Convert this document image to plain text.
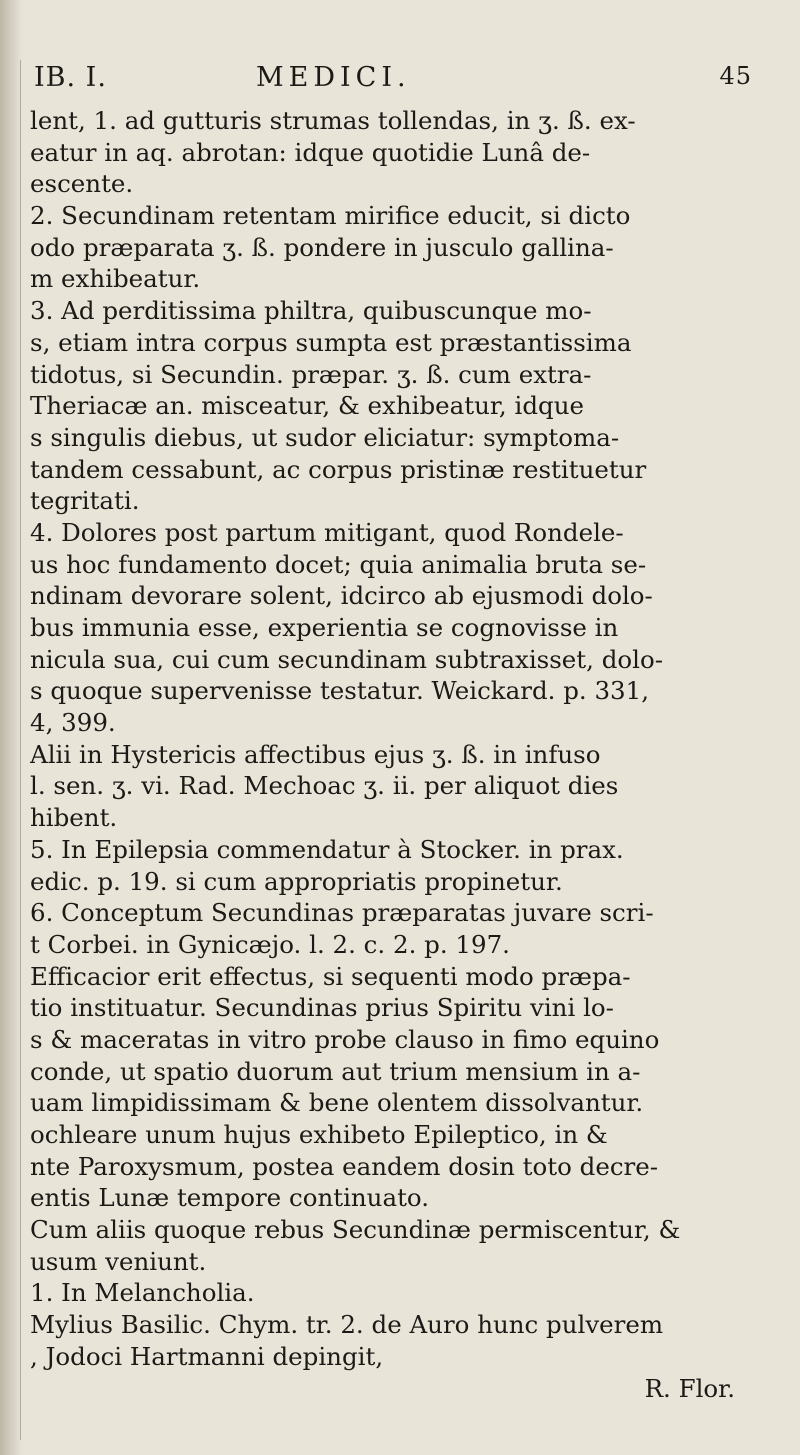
IB. I.	MEDICI.	45
lent, 1. ad gutturis strumas tollendas, in ʒ. ß. ex-
eatur in aq. abrotan: idque quotidie Lunâ de-
escente.
2. Secundinam retentam mirifice educit, si dicto
odo præparata ʒ. ß. pondere in jusculo gallina-
m exhibeatur.
3. Ad perditissima philtra, quibuscunque mo-
s, etiam intra corpus sumpta est præstantissima
tidotus, si Secundin. præpar. ʒ. ß. cum extra-
Theriacæ an. misceatur, & exhibeatur, idque
s singulis diebus, ut sudor eliciatur: symptoma-
tandem cessabunt, ac corpus pristinæ restituetur
tegritati.
4. Dolores post partum mitigant, quod Rondele-
us hoc fundamento docet; quia animalia bruta se-
ndinam devorare solent, idcirco ab ejusmodi dolo-
bus immunia esse, experientia se cognovisse in
nicula sua, cui cum secundinam subtraxisset, dolo-
s quoque supervenisse testatur. Weickard. p. 331,
4, 399.
Alii in Hystericis affectibus ejus ʒ. ß. in infuso
l. sen. ʒ. vi. Rad. Mechoac ʒ. ii. per aliquot dies
hibent.
5. In Epilepsia commendatur à Stocker. in prax.
edic. p. 19. si cum appropriatis propinetur.
6. Conceptum Secundinas præparatas juvare scri-
t Corbei. in Gynicæjo. l. 2. c. 2. p. 197.
Efficacior erit effectus, si sequenti modo præpa-
tio instituatur. Secundinas prius Spiritu vini lo-
s & maceratas in vitro probe clauso in fimo equino
conde, ut spatio duorum aut trium mensium in a-
uam limpidissimam & bene olentem dissolvantur.
ochleare unum hujus exhibeto Epileptico, in &
nte Paroxysmum, postea eandem dosin toto decre-
entis Lunæ tempore continuato.
Cum aliis quoque rebus Secundinæ permiscentur, &
usum veniunt.
1. In Melancholia.
Mylius Basilic. Chym. tr. 2. de Auro hunc pulverem
, Jodoci Hartmanni depingit,
R. Flor.
